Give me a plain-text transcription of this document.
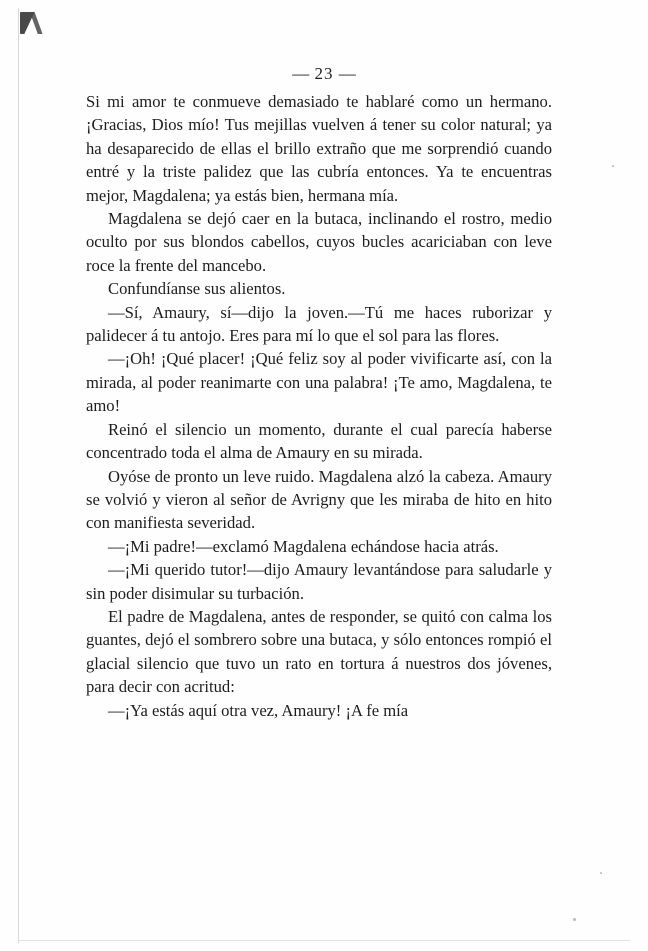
— 23 —

Si mi amor te conmueve demasiado te hablaré como un hermano. ¡Gracias, Dios mío! Tus mejillas vuelven á tener su color natural; ya ha desaparecido de ellas el brillo extraño que me sorprendió cuando entré y la triste palidez que las cubría entonces. Ya te encuentras mejor, Magdalena; ya estás bien, hermana mía.

Magdalena se dejó caer en la butaca, inclinando el rostro, medio oculto por sus blondos cabellos, cuyos bucles acariciaban con leve roce la frente del mancebo.

Confundíanse sus alientos.

—Sí, Amaury, sí—dijo la joven.—Tú me haces ruborizar y palidecer á tu antojo. Eres para mí lo que el sol para las flores.

—¡Oh! ¡Qué placer! ¡Qué feliz soy al poder vivificarte así, con la mirada, al poder reanimarte con una palabra! ¡Te amo, Magdalena, te amo!

Reinó el silencio un momento, durante el cual parecía haberse concentrado toda el alma de Amaury en su mirada.

Oyóse de pronto un leve ruido. Magdalena alzó la cabeza. Amaury se volvió y vieron al señor de Avrigny que les miraba de hito en hito con manifiesta severidad.

—¡Mi padre!—exclamó Magdalena echándose hacia atrás.

—¡Mi querido tutor!—dijo Amaury levantándose para saludarle y sin poder disimular su turbación.

El padre de Magdalena, antes de responder, se quitó con calma los guantes, dejó el sombrero sobre una butaca, y sólo entonces rompió el glacial silencio que tuvo un rato en tortura á nuestros dos jóvenes, para decir con acritud:

—¡Ya estás aquí otra vez, Amaury! ¡A fe mía
